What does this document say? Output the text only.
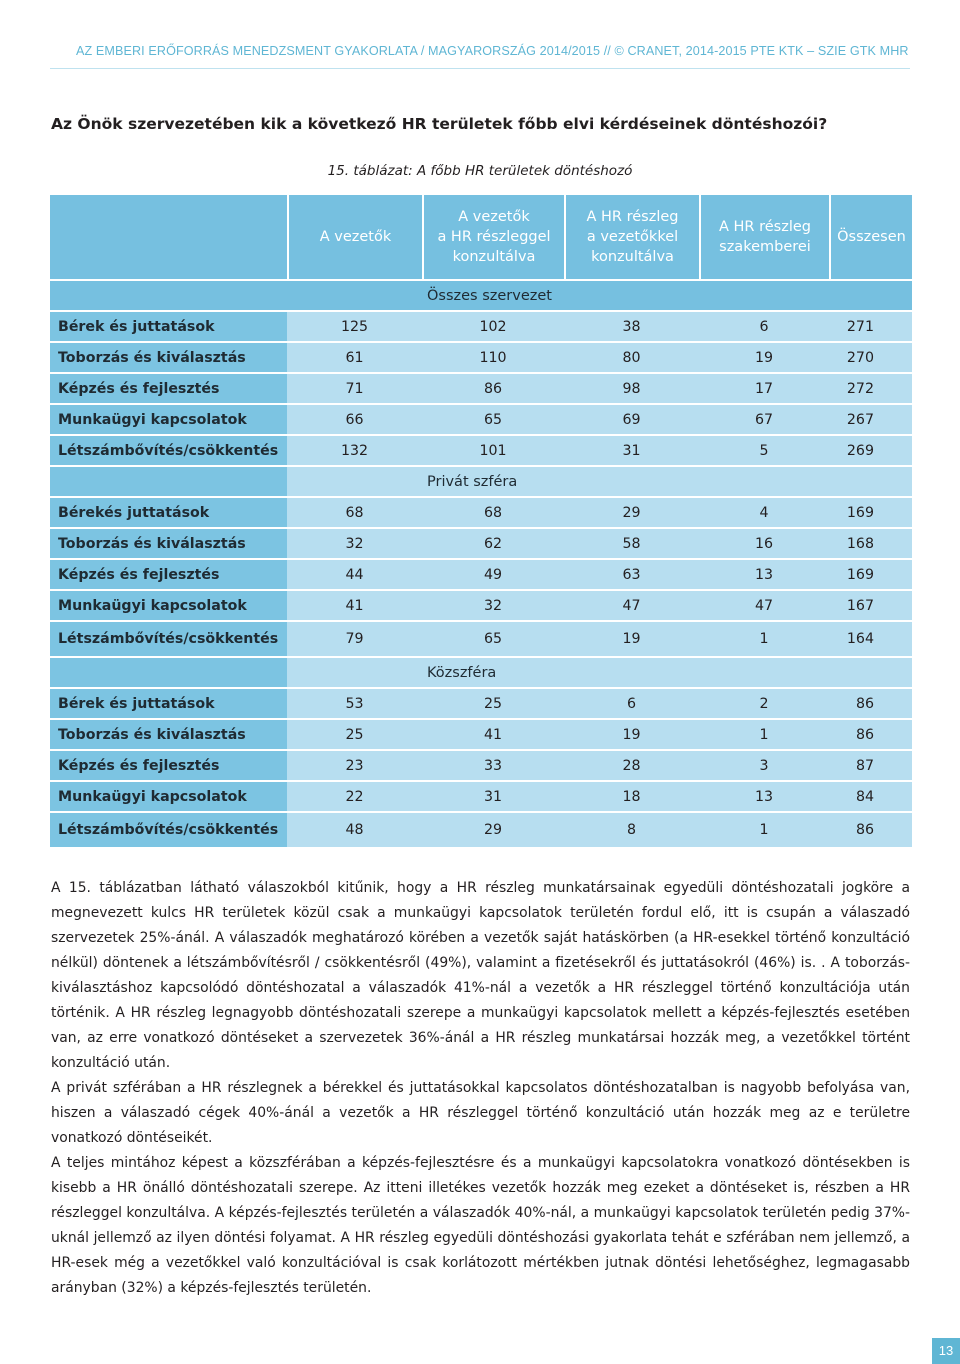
AZ EMBERI ERŐFORRÁS MENEDZSMENT GYAKORLATA / MAGYARORSZÁG 2014/2015 // © CRANET, 2014-2015 PTE KTK – SZIE GTK MHR
Az Önök szervezetében kik a következő HR területek főbb elvi kérdéseinek döntéshozói?
15. táblázat: A főbb HR területek döntéshozó
	A vezetők	A vezetők
a HR részleggel
konzultálva	A HR részleg
a vezetőkkel
konzultálva	A HR részleg
szakemberei	Összesen
	Összes szervezet				
Bérek és juttatások	125	102	38	6	271
Toborzás és kiválasztás	61	110	80	19	270
Képzés és fejlesztés	71	86	98	17	272
Munkaügyi kapcsolatok	66	65	69	67	267
Létszámbővítés/csökkentés	132	101	31	5	269
	Privát szféra				
Bérekés juttatások	68	68	29	4	169
Toborzás és kiválasztás	32	62	58	16	168
Képzés és fejlesztés	44	49	63	13	169
Munkaügyi kapcsolatok	41	32	47	47	167
Létszámbővítés/csökkentés	79	65	19	1	164
	Közszféra				
Bérek és juttatások	53	25	6	2	86
Toborzás és kiválasztás	25	41	19	1	86
Képzés és fejlesztés	23	33	28	3	87
Munkaügyi kapcsolatok	22	31	18	13	84
Létszámbővítés/csökkentés	48	29	8	1	86

A 15. táblázatban látható válaszokból kitűnik, hogy a HR részleg munkatársainak egyedüli döntéshozatali jogköre a megnevezett kulcs HR területek közül csak a munkaügyi kapcsolatok területén fordul elő, itt is csupán a válaszadó szervezetek 25%-ánál. A válaszadók meghatározó körében a vezetők saját hatáskörben (a HR-esekkel történő konzultáció nélkül) döntenek a létszámbővítésről / csökkentésről (49%), valamint a fizetésekről és juttatásokról (46%) is. . A toborzás-kiválasztáshoz kapcsolódó döntéshozatal a válaszadók 41%-nál a vezetők a HR részleggel történő konzultációja után történik. A HR részleg legnagyobb döntéshozatali szerepe a munkaügyi kapcsolatok mellett a képzés-fejlesztés esetében van, az erre vonatkozó döntéseket a szervezetek 36%-ánál a HR részleg munkatársai hozzák meg, a vezetőkkel történt konzultáció után.

A privát szférában a HR részlegnek a bérekkel és juttatásokkal kapcsolatos döntéshozatalban is nagyobb befolyása van, hiszen a válaszadó cégek 40%-ánál a vezetők a HR részleggel történő konzultáció után hozzák meg az e területre vonatkozó döntéseikét.

A teljes mintához képest a közszférában a képzés-fejlesztésre és a munkaügyi kapcsolatokra vonatkozó döntésekben is kisebb a HR önálló döntéshozatali szerepe. Az itteni illetékes vezetők hozzák meg ezeket a döntéseket is, részben a HR részleggel konzultálva. A képzés-fejlesztés területén a válaszadók 40%-nál, a munkaügyi kapcsolatok területén pedig 37%-uknál jellemző az ilyen döntési folyamat. A HR részleg egyedüli döntéshozási gyakorlata tehát e szférában nem jellemző, a HR-esek még a vezetőkkel való konzultációval is csak korlátozott mértékben jutnak döntési lehetőséghez, legmagasabb arányban (32%) a képzés-fejlesztés területén.

13
